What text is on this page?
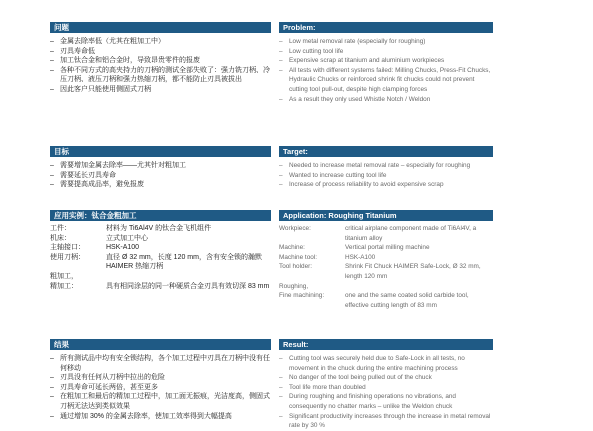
问题
– 金属去除率低（尤其在粗加工中）
– 刃具寿命低
– 加工钛合金和铝合金时，导致昂贵零件的报废
– 各种不同方式的高夹持力的刀柄的测试全部失败了：强力铣刀柄、冷压刀柄、液压刀柄和强力热缩刀柄，都不能防止刃具被拔出
– 因此客户只能使用侧固式刀柄
Problem:
– Low metal removal rate (especially for roughing)
– Low cutting tool life
– Expensive scrap at titanium and aluminium workpieces
– All tests with different systems failed: Milling Chucks, Press-Fit Chucks, Hydraulic Chucks or reinforced shrink fit chucks could not prevent cutting tool pull-out, despite high clamping forces
– As a result they only used Whistle Notch / Weldon
目标
– 需要增加金属去除率——尤其针对粗加工
– 需要延长刃具寿命
– 需要提高成品率，避免报废
Target:
– Needed to increase metal removal rate – especially for roughing
– Wanted to increase cutting tool life
– Increase of process reliability to avoid expensive scrap
应用实例：钛合金粗加工
工件：	材料为 Ti6Al4V 的钛合金飞机组件
机床：	立式加工中心
主轴接口：	HSK-A100
使用刀柄：	直径 Ø 32 mm，长度 120 mm，含有安全锁的瀚默 HAIMER 热缩刀柄
粗加工，
精加工：	具有相同涂层的同一种硬质合金刃具有效切深 83 mm
Application: Roughing Titanium
Workpiece:	critical airplane component made of Ti6Al4V, a titanium alloy
Machine:	Vertical portal milling machine
Machine tool:	HSK-A100
Tool holder:	Shrink Fit Chuck HAIMER Safe-Lock, Ø 32 mm, length 120 mm
Roughing,
Fine machining:	one and the same coated solid carbide tool, effective cutting length of 83 mm
结果
– 所有测试品中均有安全锁结构，各个加工过程中刃具在刀柄中没有任何移动
– 刃具没有任何从刀柄中拉出的危险
– 刃具寿命可延长两倍，甚至更多
– 在粗加工和最后的精加工过程中，加工面无振痕，光洁度高，侧固式刀柄无法达到类似效果
– 通过增加 30% 的金属去除率，使加工效率得到大幅提高
Result:
– Cutting tool was securely held due to Safe-Lock in all tests, no movement in the chuck during the entire machining process
– No danger of the tool being pulled out of the chuck
– Tool life more than doubled
– During roughing and finishing operations no vibrations, and consequently no chatter marks – unlike the Weldon chuck
– Significant productivity increases through the increase in metal removal rate by 30 %
